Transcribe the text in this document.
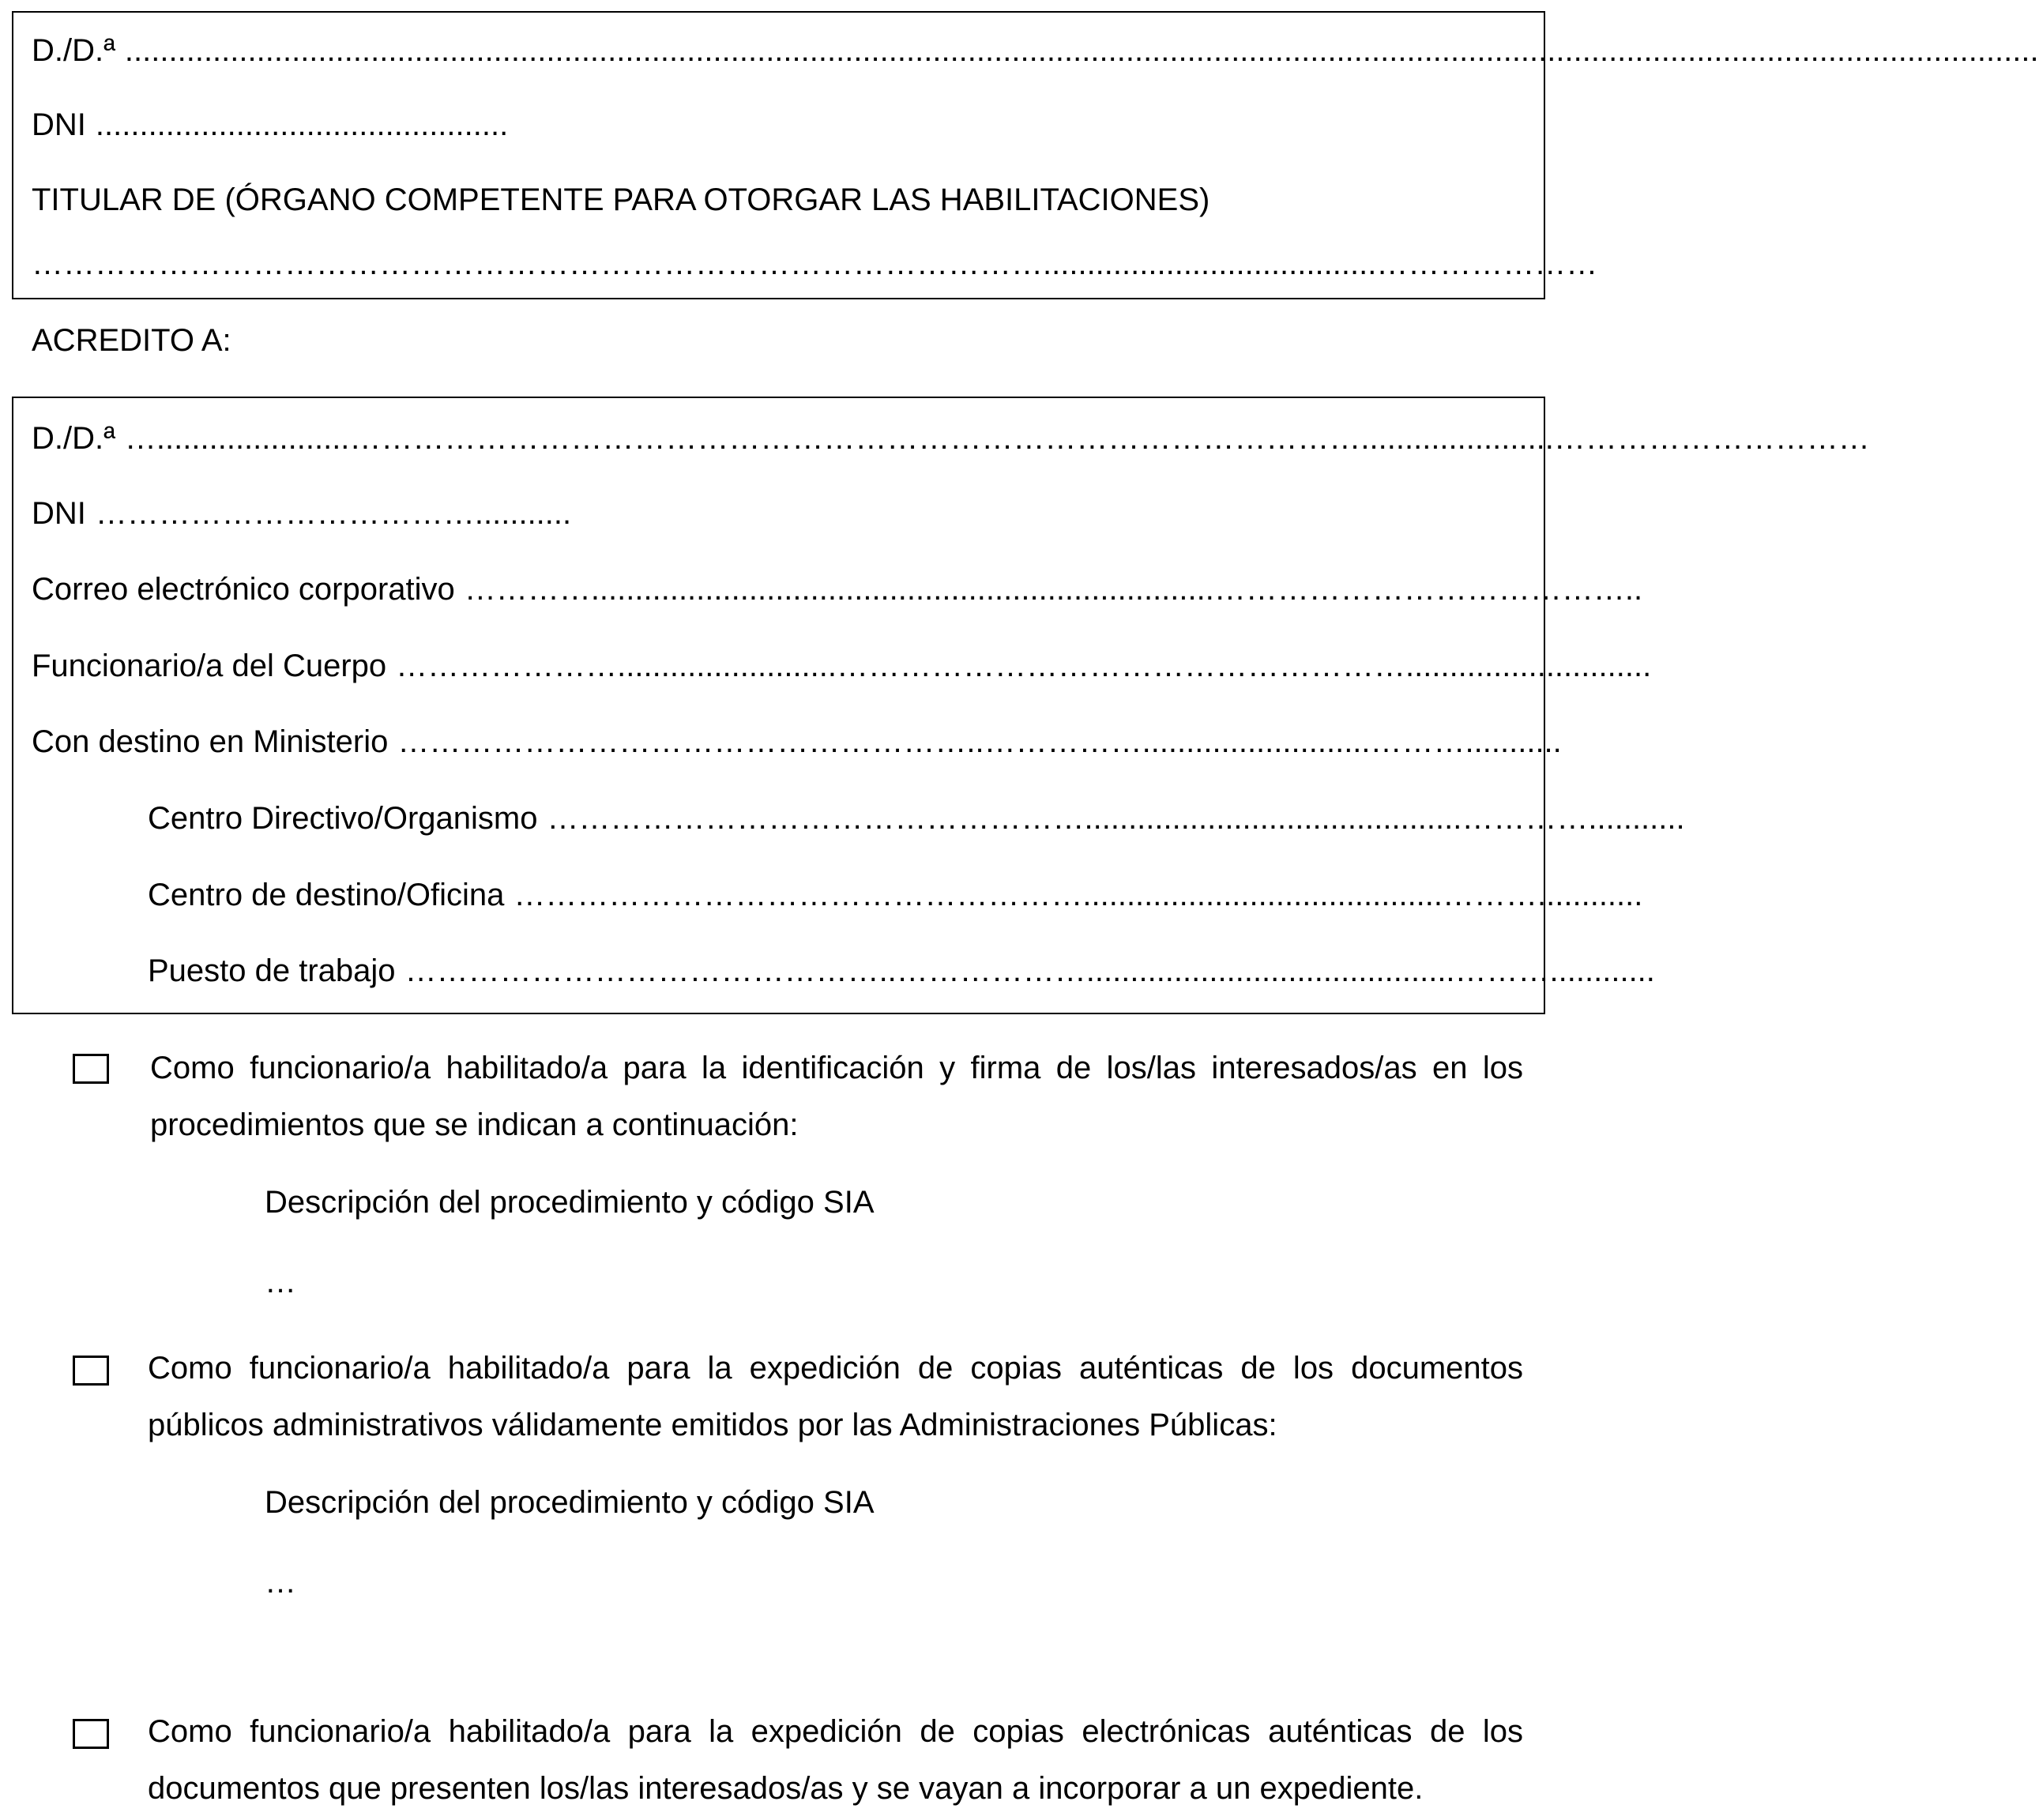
D./D.ª ..........................................................................................................................................................................................................................
DNI ...............................................
TITULAR DE (ÓRGANO COMPETENTE PARA OTORGAR LAS HABILITACIONES)
……………………………………………………………………………………......................................…………………
ACREDITO A:
D./D.ª …......................……………………………………………………………………………………......................…………………………
DNI ………………………………...........
Correo electrónico corporativo ………….......................................................................…………………………………..
Funcionario/a del Cuerpo ………………….........................………………………………………………............................
Con destino en Ministerio ………………………………………………..……………..........................………...........
Centro Directivo/Organismo ……………………………………………...........................................…………...........
Centro de destino/Oficina ……………………………………………….........................................………............
Puesto de trabajo ………………………………………..………………..........................................………............
Como funcionario/a habilitado/a para la identificación y firma de los/las interesados/as en los procedimientos que se indican a continuación:
Descripción del procedimiento y código SIA
…
Como funcionario/a habilitado/a para la expedición de copias auténticas de los documentos públicos administrativos válidamente emitidos por las Administraciones Públicas:
Descripción del procedimiento y código SIA
…
Como funcionario/a habilitado/a para la expedición de copias electrónicas auténticas de los documentos que presenten los/las interesados/as y se vayan a incorporar a un expediente.
